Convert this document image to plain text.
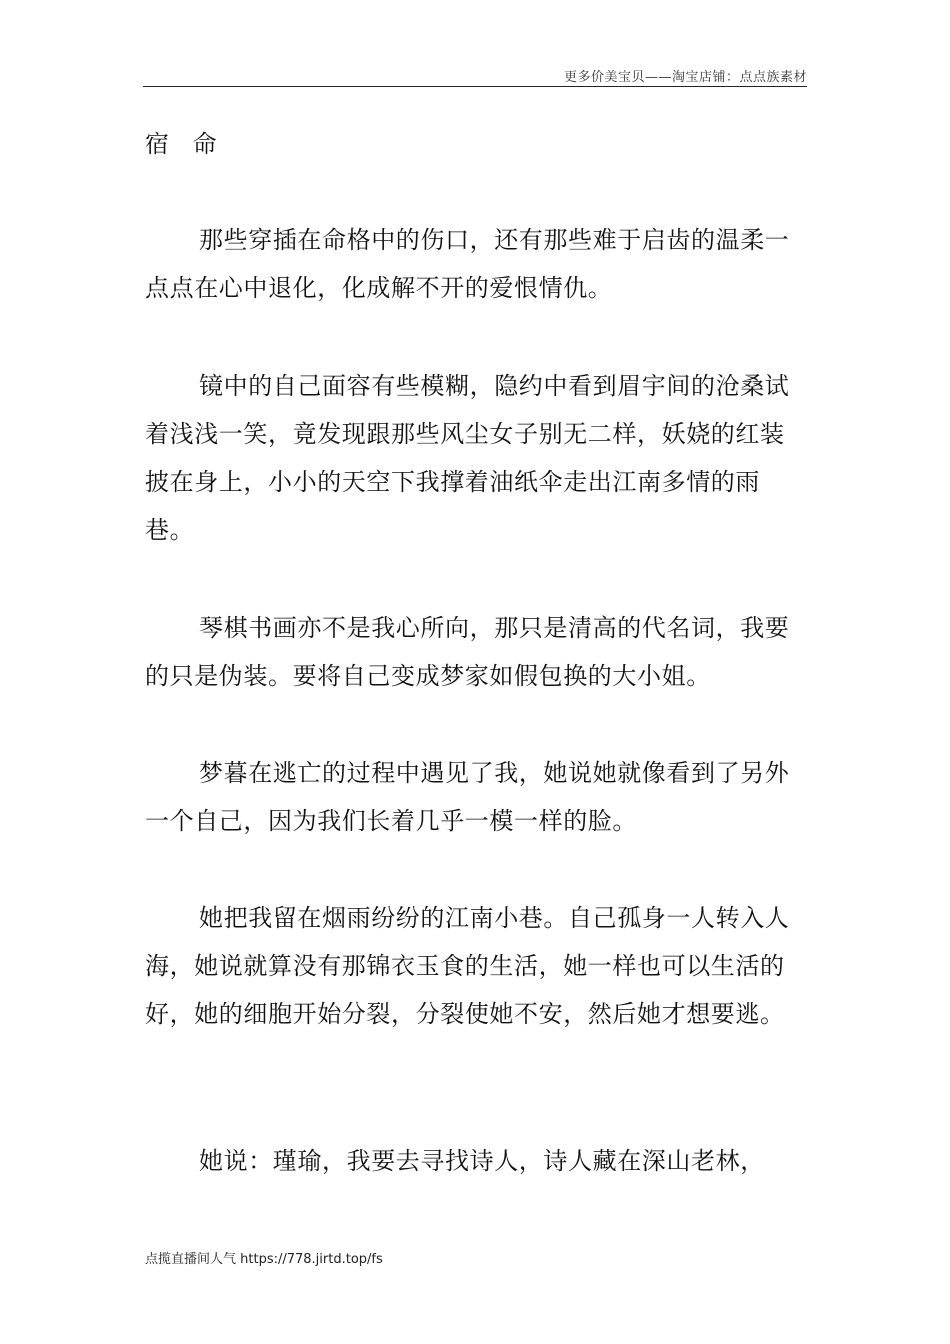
更多价美宝贝——淘宝店铺：点点族素材
宿 命

那些穿插在命格中的伤口，还有那些难于启齿的温柔一点点在心中退化，化成解不开的爱恨情仇。

镜中的自己面容有些模糊，隐约中看到眉宇间的沧桑试着浅浅一笑，竟发现跟那些风尘女子别无二样，妖娆的红装披在身上，小小的天空下我撑着油纸伞走出江南多情的雨巷。

琴棋书画亦不是我心所向，那只是清高的代名词，我要的只是伪装。要将自己变成梦家如假包换的大小姐。

梦暮在逃亡的过程中遇见了我，她说她就像看到了另外一个自己，因为我们长着几乎一模一样的脸。

她把我留在烟雨纷纷的江南小巷。自己孤身一人转入人海，她说就算没有那锦衣玉食的生活，她一样也可以生活的好，她的细胞开始分裂，分裂使她不安，然后她才想要逃。

她说：瑾瑜，我要去寻找诗人，诗人藏在深山老林，

点揽直播间人气 https://778.jirtd.top/fs
